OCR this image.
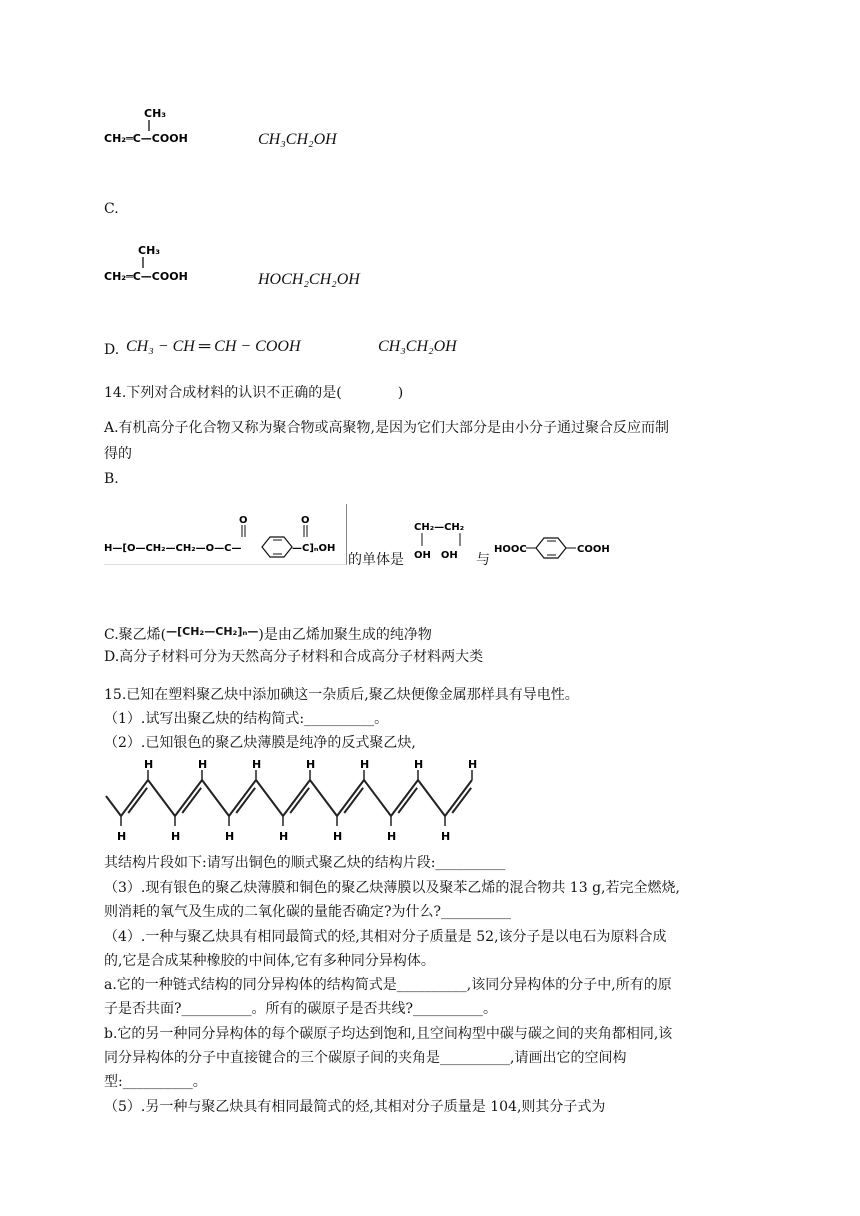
CH₃
CH₂═C—COOH	CH₃CH₂OH
C.
CH₃
CH₂═C—COOH	HOCH₂CH₂OH
D. CH₃ − CH ═ CH − COOH	CH₃CH₂OH
14.下列对合成材料的认识不正确的是(　　　　)
A.有机高分子化合物又称为聚合物或高聚物,是因为它们大部分是由小分子通过聚合反应而制
得的
B.
O	O
H—[O—CH₂—CH₂—O—C—	—C]ₙOH
的单体是
CH₂—CH₂
OH　OH 与
HOOC	COOH
C.聚乙烯($^{—[CH_2—CH_2]_n—}$)是由乙烯加聚生成的纯净物
D.高分子材料可分为天然高分子材料和合成高分子材料两大类
15.已知在塑料聚乙炔中添加碘这一杂质后,聚乙炔便像金属那样具有导电性。
（1）.试写出聚乙炔的结构简式:__________。
（2）.已知银色的聚乙炔薄膜是纯净的反式聚乙炔,
H
H
H
H
H
H
H
H
H
H
H
H
H
H
其结构片段如下:请写出铜色的顺式聚乙炔的结构片段:__________
（3）.现有银色的聚乙炔薄膜和铜色的聚乙炔薄膜以及聚苯乙烯的混合物共 13 g,若完全燃烧,
则消耗的氧气及生成的二氧化碳的量能否确定?为什么?__________
（4）.一种与聚乙炔具有相同最简式的烃,其相对分子质量是 52,该分子是以电石为原料合成
的,它是合成某种橡胶的中间体,它有多种同分异构体。
a.它的一种链式结构的同分异构体的结构简式是__________,该同分异构体的分子中,所有的原
子是否共面?__________。所有的碳原子是否共线?__________。
b.它的另一种同分异构体的每个碳原子均达到饱和,且空间构型中碳与碳之间的夹角都相同,该
同分异构体的分子中直接键合的三个碳原子间的夹角是__________,请画出它的空间构
型:__________。
（5）.另一种与聚乙炔具有相同最简式的烃,其相对分子质量是 104,则其分子式为
